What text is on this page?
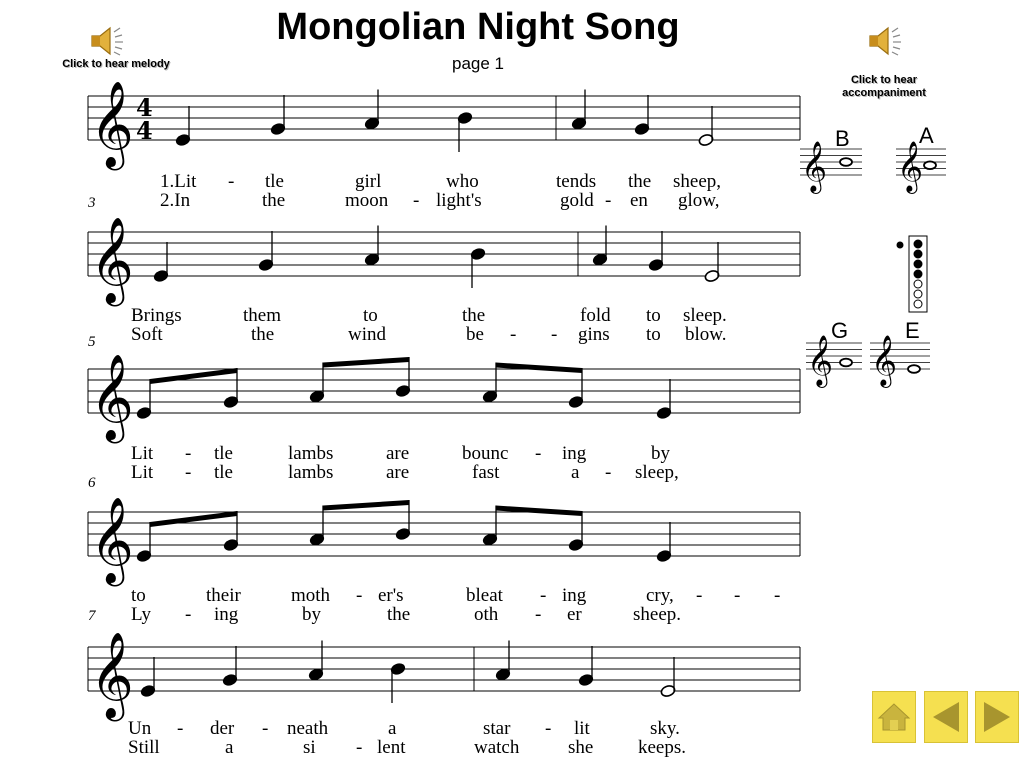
Mongolian Night Song
page 1
Click to hear melody
Click to hear accompaniment
𝄞 4
4
𝄞
𝄞
𝄞
𝄞
𝄞 𝄞
𝄞 𝄞
3
5
6
7
1.Lit - tle	girl	who	tends the sheep,
2.In	the	moon - light's	gold - en glow,
Brings	them	to	the	fold to sleep.
Soft	the	wind	be - - gins to blow.
Lit - tle	lambs	are	bounc - ing	by
Lit - tle	lambs	are	fast	a - sleep,
to	their	moth - er's	bleat - ing	cry, - - -
Ly - ing	by	the	oth - er	sheep.
Un - der - neath	a	star - lit	sky.
Still	a	si - lent	watch	she keeps.
B	A
G	E
